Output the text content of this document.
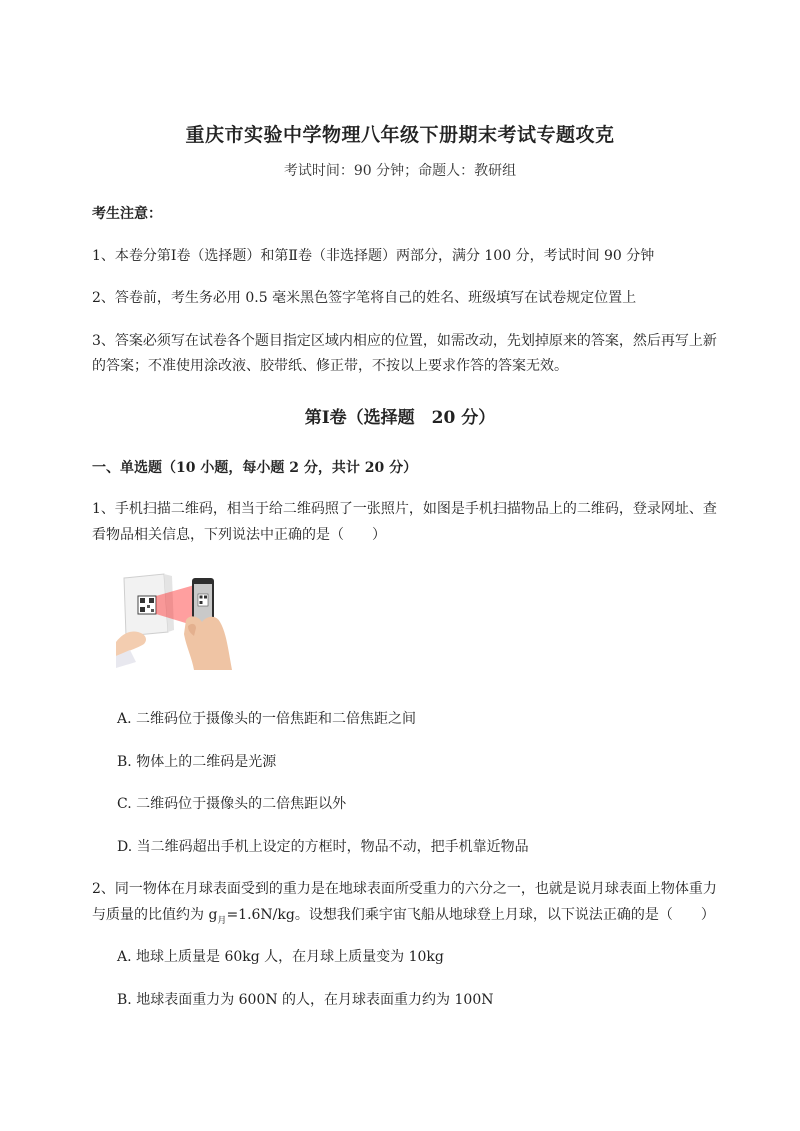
重庆市实验中学物理八年级下册期末考试专题攻克
考试时间：90 分钟；命题人：教研组
考生注意：
1、本卷分第Ⅰ卷（选择题）和第Ⅱ卷（非选择题）两部分，满分 100 分，考试时间 90 分钟
2、答卷前，考生务必用 0.5 毫米黑色签字笔将自己的姓名、班级填写在试卷规定位置上
3、答案必须写在试卷各个题目指定区域内相应的位置，如需改动，先划掉原来的答案，然后再写上新
的答案；不准使用涂改液、胶带纸、修正带，不按以上要求作答的答案无效。
第Ⅰ卷（选择题　20 分）
一、单选题（10 小题，每小题 2 分，共计 20 分）
1、手机扫描二维码，相当于给二维码照了一张照片，如图是手机扫描物品上的二维码，登录网址、查
看物品相关信息，下列说法中正确的是（　　）
A. 二维码位于摄像头的一倍焦距和二倍焦距之间
B. 物体上的二维码是光源
C. 二维码位于摄像头的二倍焦距以外
D. 当二维码超出手机上设定的方框时，物品不动，把手机靠近物品
2、同一物体在月球表面受到的重力是在地球表面所受重力的六分之一，也就是说月球表面上物体重力
与质量的比值约为 $g_月=1.6N/kg$。设想我们乘宇宙飞船从地球登上月球，以下说法正确的是（　　）
A. 地球上质量是 60kg 人，在月球上质量变为 10kg
B. 地球表面重力为 600N 的人，在月球表面重力约为 100N
